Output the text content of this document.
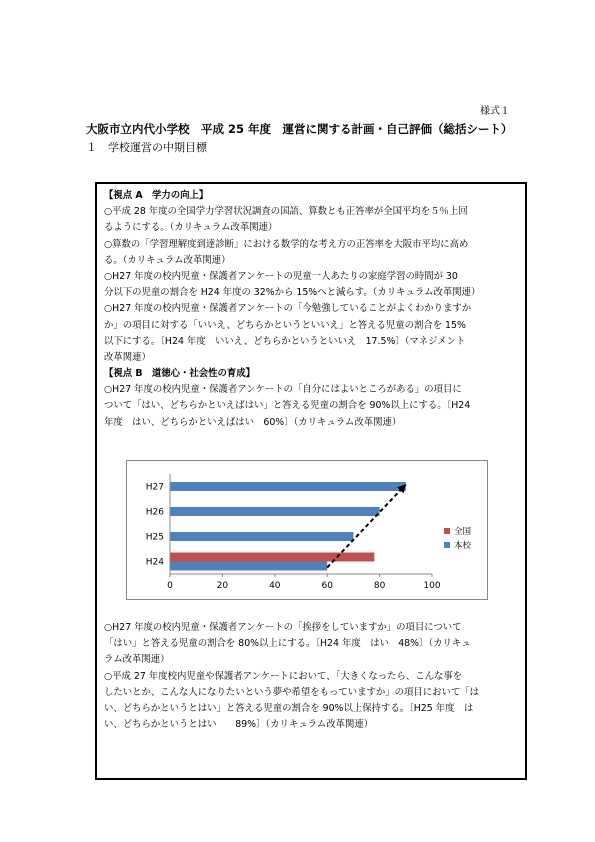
様式１
大阪市立内代小学校　平成 25 年度　運営に関する計画・自己評価（総括シート）
１　学校運営の中期目標
【視点 A　学力の向上】
○平成 28 年度の全国学力学習状況調査の国語、算数とも正答率が全国平均を５％上回
るようにする。（カリキュラム改革関連）
○算数の「学習理解度到達診断」における数学的な考え方の正答率を大阪市平均に高め
る。（カリキュラム改革関連）
○H27 年度の校内児童・保護者アンケートの児童一人あたりの家庭学習の時間が 30
分以下の児童の割合を H24 年度の 32%から 15%へと減らす。（カリキュラム改革関連）
○H27 年度の校内児童・保護者アンケートの「今勉強していることがよくわかりますか
か」の項目に対する「いいえ、どちらかというといいえ」と答える児童の割合を 15%
以下にする。〔H24 年度　いいえ、どちらかというといいえ　17.5%〕（マネジメント
改革関連）
【視点 B　道徳心・社会性の育成】
○H27 年度の校内児童・保護者アンケートの「自分にはよいところがある」の項目に
ついて「はい、どちらかといえばはい」と答える児童の割合を 90%以上にする。〔H24
年度　はい、どちらかといえばはい　60%〕（カリキュラム改革関連）
H24
H25
H26
H27
0	20	40	60	80	100
全国
本校
○H27 年度の校内児童・保護者アンケートの「挨拶をしていますか」の項目について
「はい」と答える児童の割合を 80%以上にする。〔H24 年度　はい　48%〕（カリキュ
ラム改革関連）
○平成 27 年度校内児童や保護者アンケートにおいて、「大きくなったら、こんな事を
したいとか、こんな人になりたいという夢や希望をもっていますか」の項目において「は
い、どちらかというとはい」と答える児童の割合を 90%以上保持する。〔H25 年度　は
い、どちらかというとはい　　89%〕（カリキュラム改革関連）
